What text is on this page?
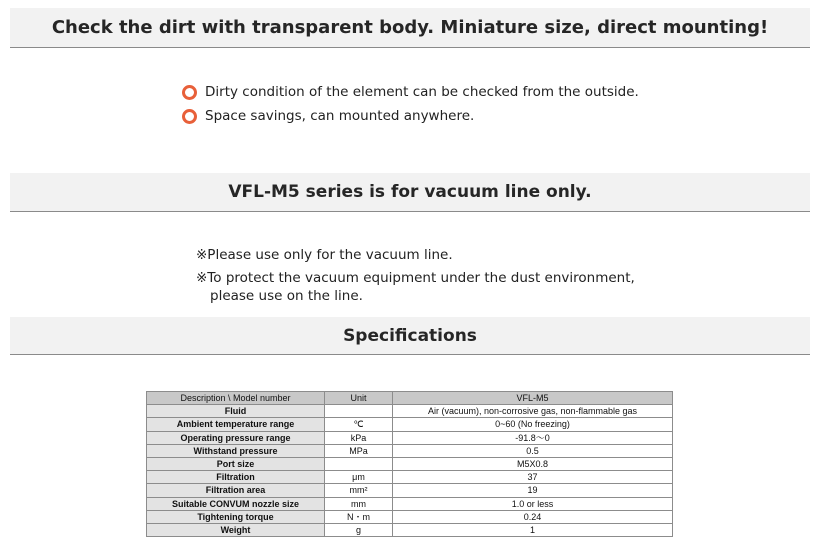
Check the dirt with transparent body. Miniature size, direct mounting!
Dirty condition of the element can be checked from the outside.
Space savings, can mounted anywhere.
VFL-M5 series is for vacuum line only.
※Please use only for the vacuum line.
※To protect the vacuum equipment under the dust environment,
please use on the line.
Specifications
Description \ Model number	Unit	VFL-M5
Fluid		Air (vacuum), non-corrosive gas, non-flammable gas
Ambient temperature range	℃	0~60 (No freezing)
Operating pressure range	kPa	-91.8～0
Withstand pressure	MPa	0.5
Port size		M5X0.8
Filtration	μm	37
Filtration area	mm²	19
Suitable CONVUM nozzle size	mm	1.0 or less
Tightening torque	N・m	0.24
Weight	g	1
